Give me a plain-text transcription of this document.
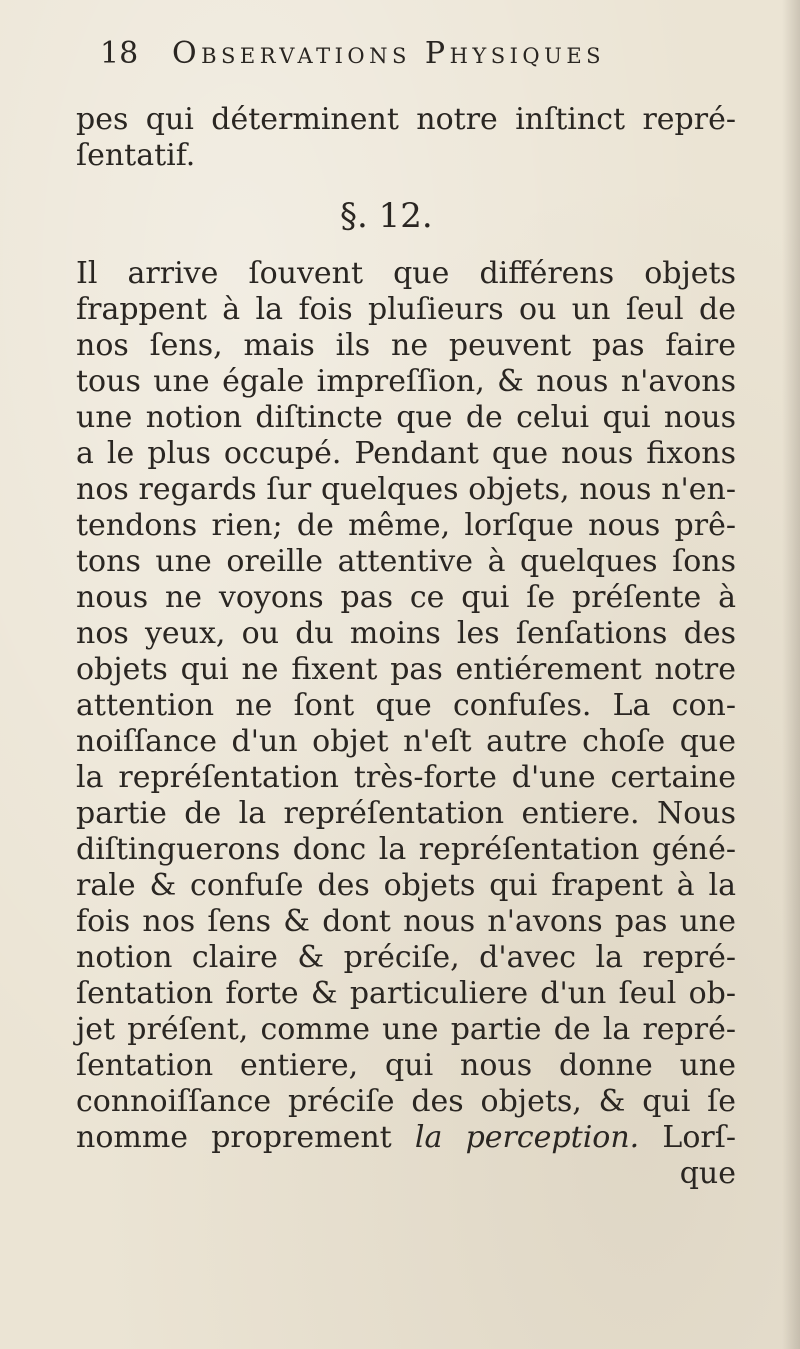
18 Observations Physiques
pes qui déterminent notre inſtinct repré-
ſentatif.
§. 12.
Il arrive ſouvent que différens objets
frappent à la fois pluſieurs ou un ſeul de
nos ſens, mais ils ne peuvent pas faire
tous une égale impreſſion, & nous n'avons
une notion diſtincte que de celui qui nous
a le plus occupé. Pendant que nous fixons
nos regards ſur quelques objets, nous n'en-
tendons rien; de même, lorſque nous prê-
tons une oreille attentive à quelques ſons
nous ne voyons pas ce qui ſe préſente à
nos yeux, ou du moins les ſenſations des
objets qui ne fixent pas entiérement notre
attention ne ſont que confuſes. La con-
noiſſance d'un objet n'eſt autre choſe que
la repréſentation très-forte d'une certaine
partie de la repréſentation entiere. Nous
diſtinguerons donc la repréſentation géné-
rale & confuſe des objets qui frapent à la
fois nos ſens & dont nous n'avons pas une
notion claire & préciſe, d'avec la repré-
ſentation forte & particuliere d'un ſeul ob-
jet préſent, comme une partie de la repré-
ſentation entiere, qui nous donne une
connoiſſance préciſe des objets, & qui ſe
nomme proprement la perception. Lorſ-
que
